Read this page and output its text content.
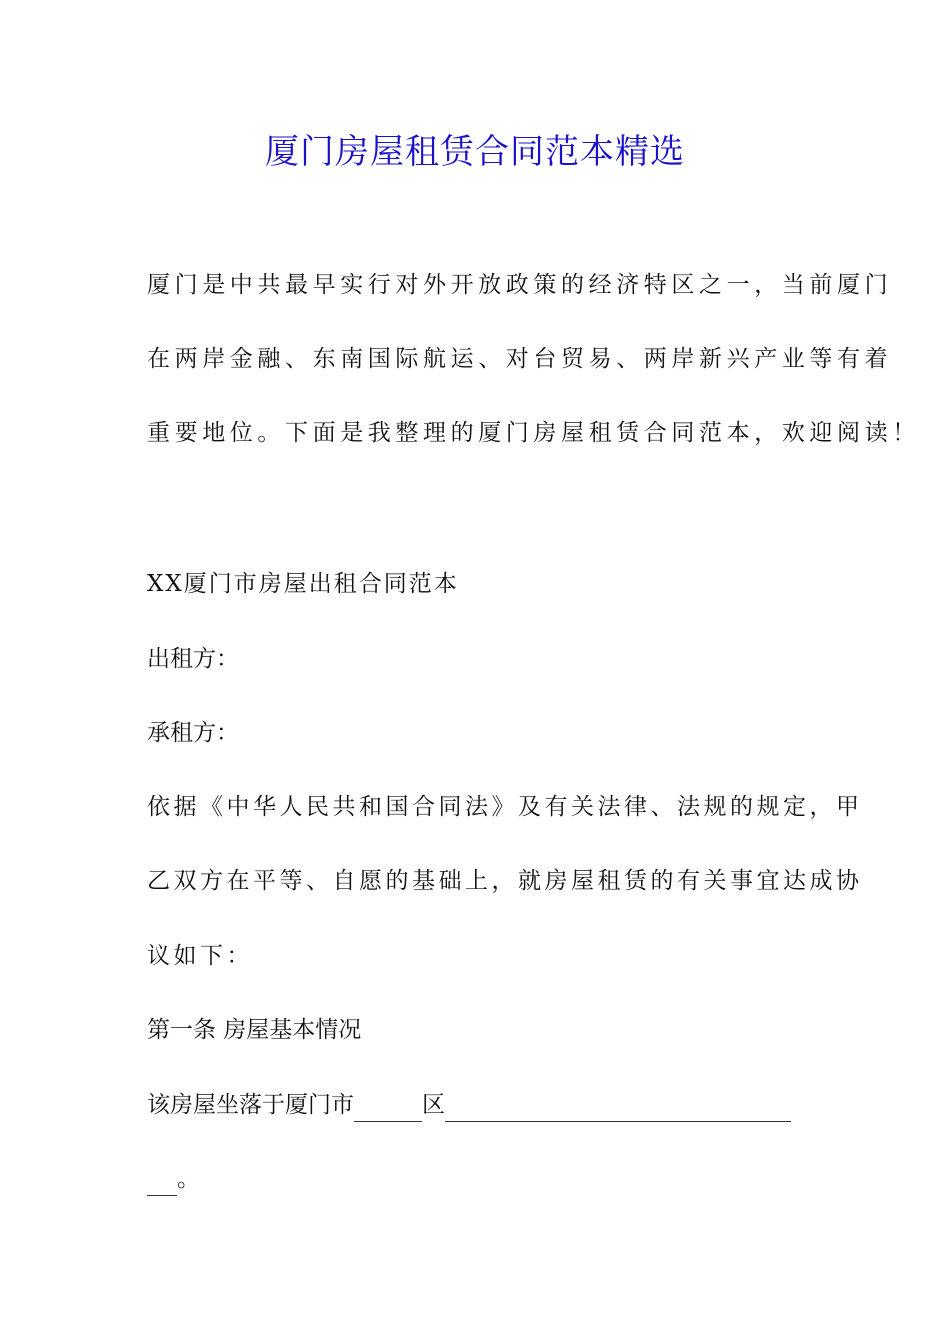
厦门房屋租赁合同范本精选
厦门是中共最早实行对外开放政策的经济特区之一，当前厦门
在两岸金融、东南国际航运、对台贸易、两岸新兴产业等有着
重要地位。下面是我整理的厦门房屋租赁合同范本，欢迎阅读！
XX厦门市房屋出租合同范本
出租方：
承租方：
依据《中华人民共和国合同法》及有关法律、法规的规定，甲
乙双方在平等、自愿的基础上，就房屋租赁的有关事宜达成协
议如下：
第一条 房屋基本情况
该房屋坐落于厦门市	区
。
